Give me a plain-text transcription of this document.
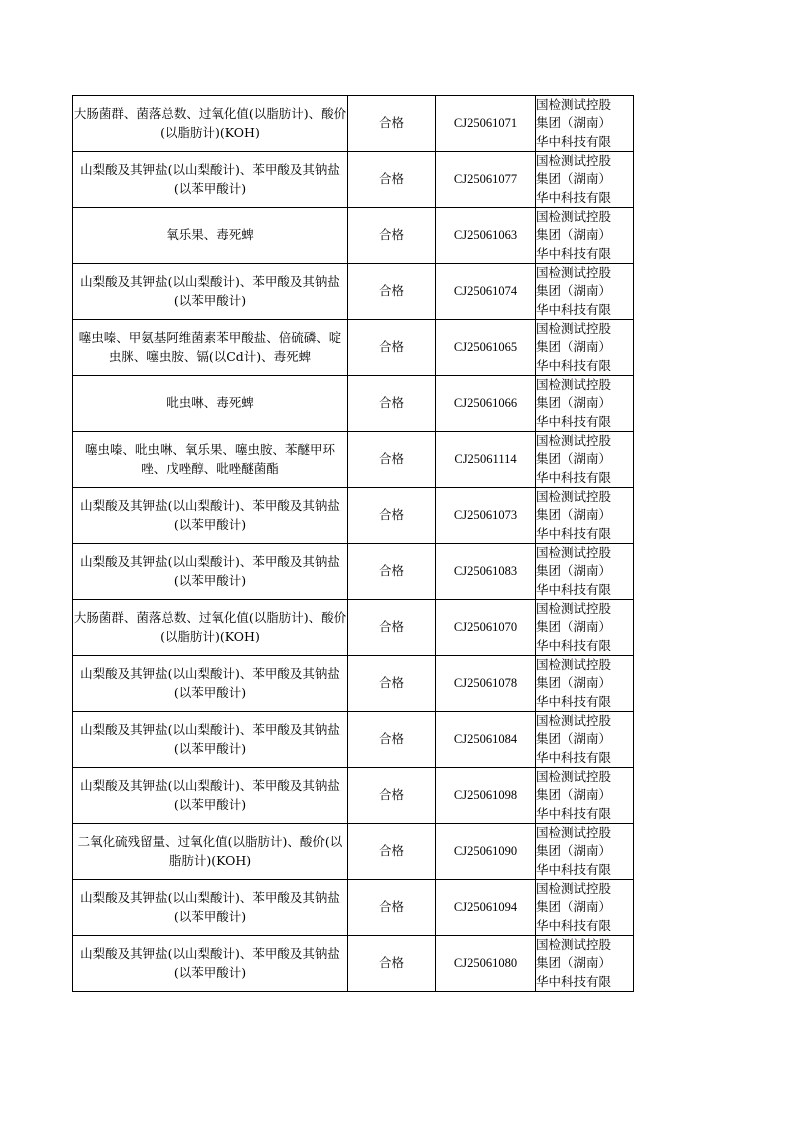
大肠菌群、菌落总数、过氧化值(以脂肪计)、酸价(以脂肪计)(KOH)	合格	CJ25061071	国检测试控股
集团（湖南）
华中科技有限

山梨酸及其钾盐(以山梨酸计)、苯甲酸及其钠盐(以苯甲酸计)	合格	CJ25061077	国检测试控股
集团（湖南）
华中科技有限

氧乐果、毒死蜱	合格	CJ25061063	国检测试控股
集团（湖南）
华中科技有限

山梨酸及其钾盐(以山梨酸计)、苯甲酸及其钠盐(以苯甲酸计)	合格	CJ25061074	国检测试控股
集团（湖南）
华中科技有限

噻虫嗪、甲氨基阿维菌素苯甲酸盐、倍硫磷、啶虫脒、噻虫胺、镉(以Cd计)、毒死蜱	合格	CJ25061065	国检测试控股
集团（湖南）
华中科技有限

吡虫啉、毒死蜱	合格	CJ25061066	国检测试控股
集团（湖南）
华中科技有限

噻虫嗪、吡虫啉、氧乐果、噻虫胺、苯醚甲环唑、戊唑醇、吡唑醚菌酯	合格	CJ25061114	国检测试控股
集团（湖南）
华中科技有限

山梨酸及其钾盐(以山梨酸计)、苯甲酸及其钠盐(以苯甲酸计)	合格	CJ25061073	国检测试控股
集团（湖南）
华中科技有限

山梨酸及其钾盐(以山梨酸计)、苯甲酸及其钠盐(以苯甲酸计)	合格	CJ25061083	国检测试控股
集团（湖南）
华中科技有限

大肠菌群、菌落总数、过氧化值(以脂肪计)、酸价(以脂肪计)(KOH)	合格	CJ25061070	国检测试控股
集团（湖南）
华中科技有限

山梨酸及其钾盐(以山梨酸计)、苯甲酸及其钠盐(以苯甲酸计)	合格	CJ25061078	国检测试控股
集团（湖南）
华中科技有限

山梨酸及其钾盐(以山梨酸计)、苯甲酸及其钠盐(以苯甲酸计)	合格	CJ25061084	国检测试控股
集团（湖南）
华中科技有限

山梨酸及其钾盐(以山梨酸计)、苯甲酸及其钠盐(以苯甲酸计)	合格	CJ25061098	国检测试控股
集团（湖南）
华中科技有限

二氧化硫残留量、过氧化值(以脂肪计)、酸价(以脂肪计)(KOH)	合格	CJ25061090	国检测试控股
集团（湖南）
华中科技有限

山梨酸及其钾盐(以山梨酸计)、苯甲酸及其钠盐(以苯甲酸计)	合格	CJ25061094	国检测试控股
集团（湖南）
华中科技有限

山梨酸及其钾盐(以山梨酸计)、苯甲酸及其钠盐(以苯甲酸计)	合格	CJ25061080	国检测试控股
集团（湖南）
华中科技有限
